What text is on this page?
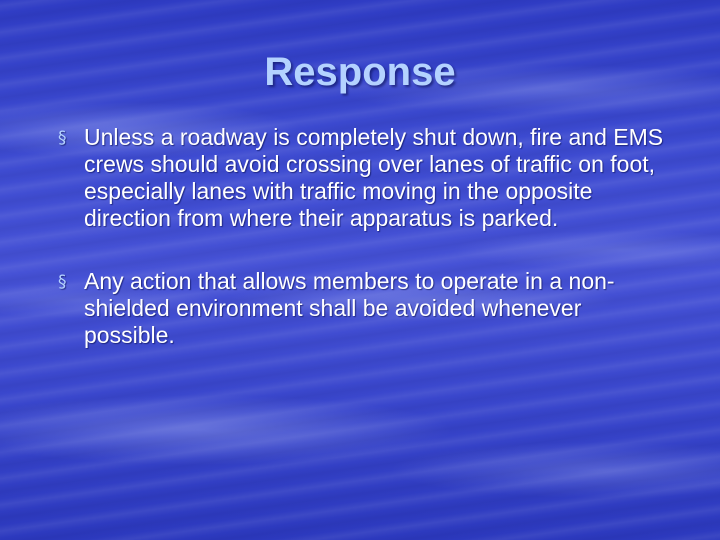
Response
§ Unless a roadway is completely shut down, fire and EMS crews should avoid crossing over lanes of traffic on foot, especially lanes with traffic moving in the opposite direction from where their apparatus is parked.
§ Any action that allows members to operate in a non-shielded environment shall be avoided whenever possible.
